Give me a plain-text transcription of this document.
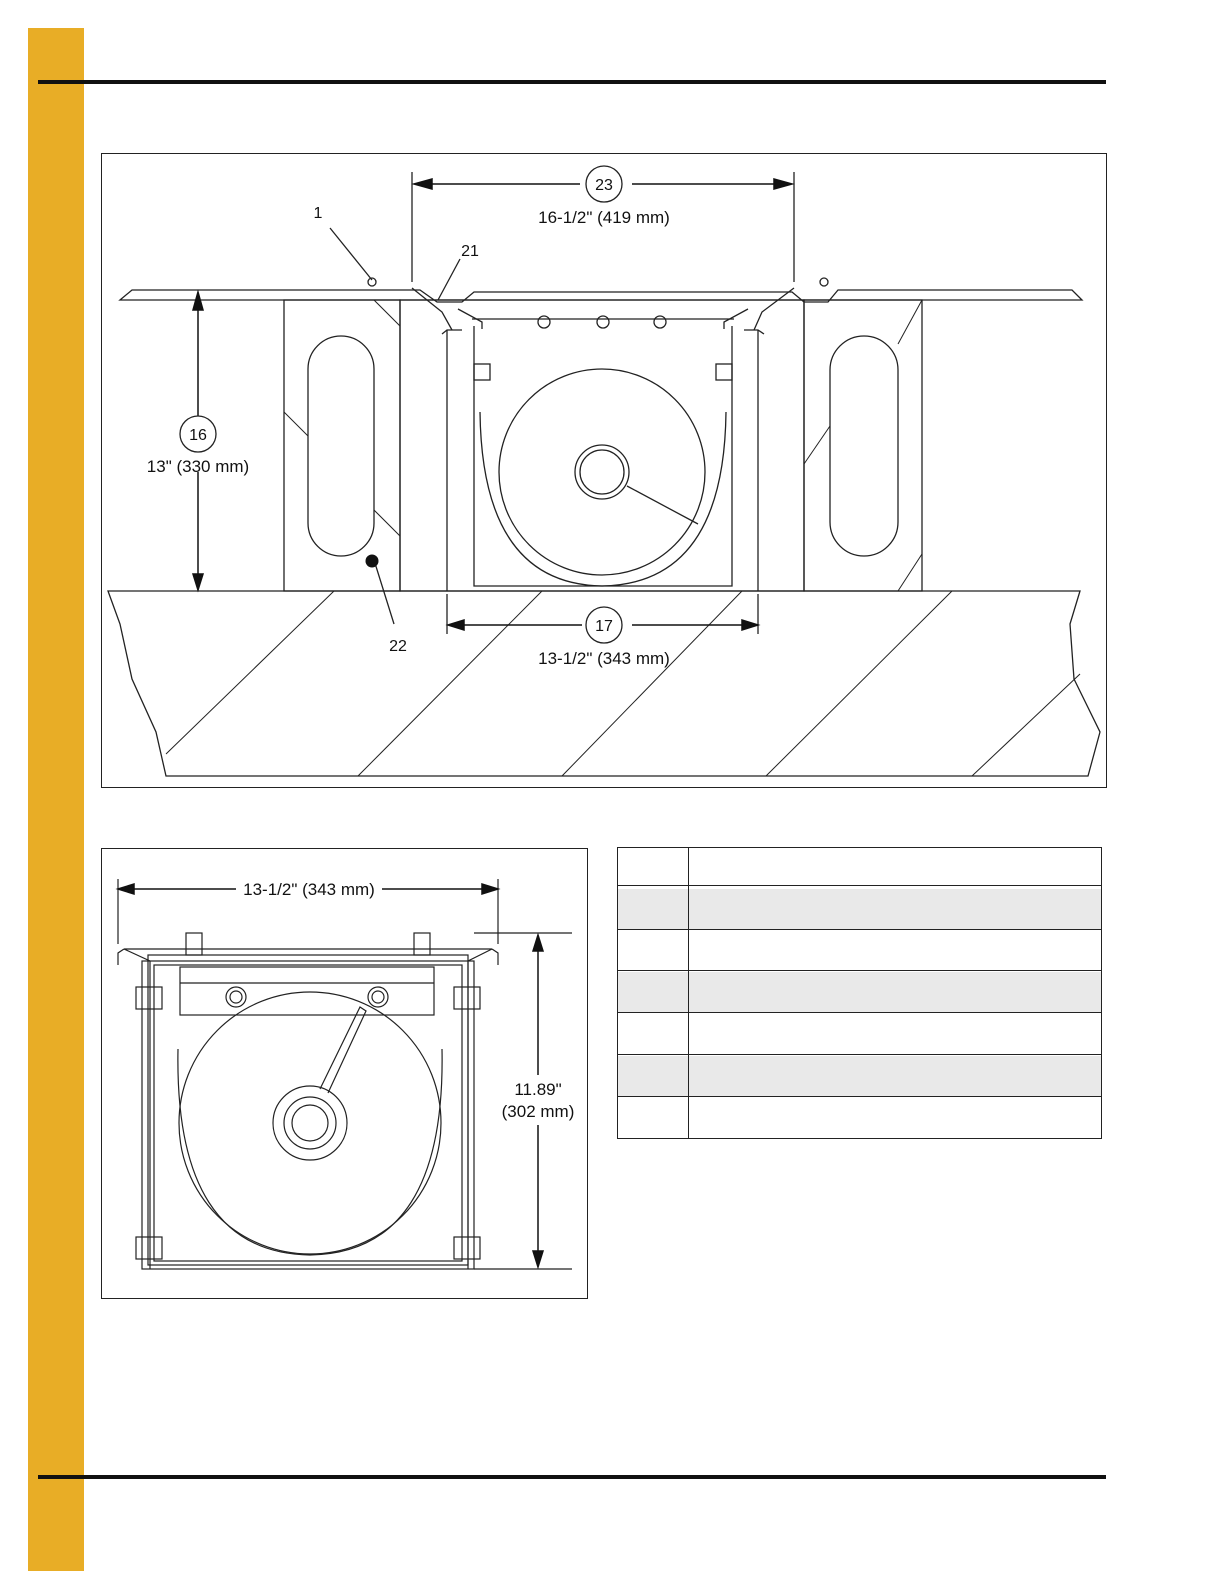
23
16
17
1
21
22
16-1/2" (419 mm)
13" (330 mm)
13-1/2" (343 mm)
13-1/2" (343 mm)
11.89"
(302 mm)
